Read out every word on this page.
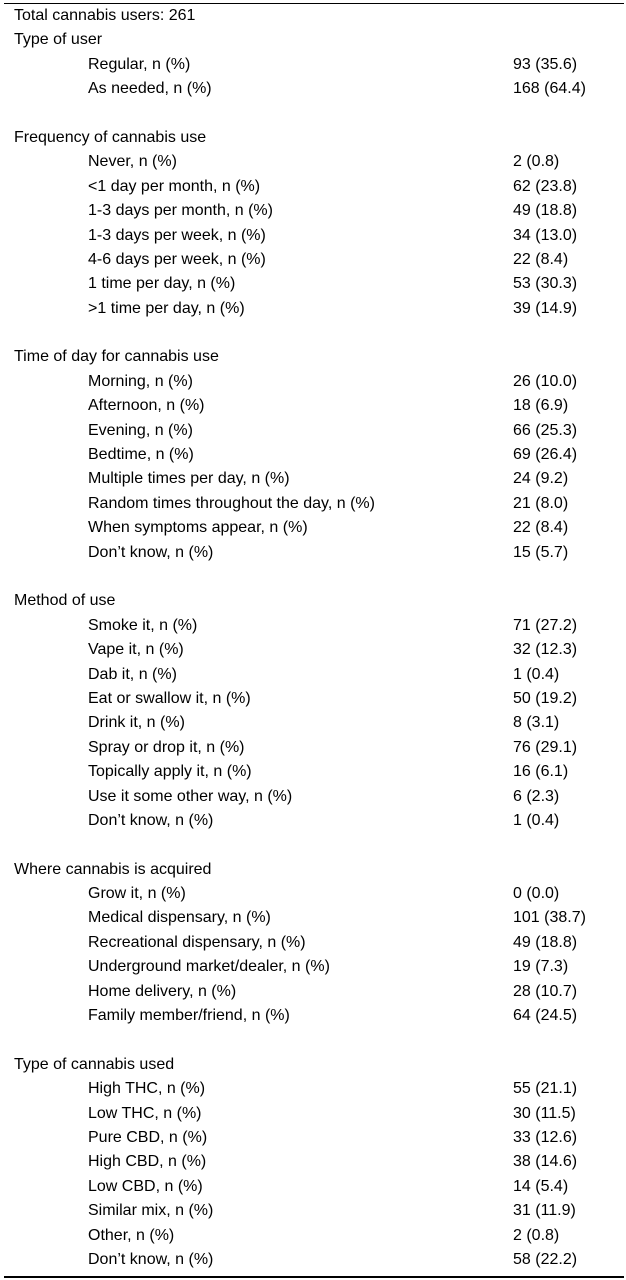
Total cannabis users: 261
Type of user
Regular, n (%)	93 (35.6)
As needed, n (%)	168 (64.4)
Frequency of cannabis use
Never, n (%)	2 (0.8)
<1 day per month, n (%)	62 (23.8)
1-3 days per month, n (%)	49 (18.8)
1-3 days per week, n (%)	34 (13.0)
4-6 days per week, n (%)	22 (8.4)
1 time per day, n (%)	53 (30.3)
>1 time per day, n (%)	39 (14.9)
Time of day for cannabis use
Morning, n (%)	26 (10.0)
Afternoon, n (%)	18 (6.9)
Evening, n (%)	66 (25.3)
Bedtime, n (%)	69 (26.4)
Multiple times per day, n (%)	24 (9.2)
Random times throughout the day, n (%)	21 (8.0)
When symptoms appear, n (%)	22 (8.4)
Don’t know, n (%)	15 (5.7)
Method of use
Smoke it, n (%)	71 (27.2)
Vape it, n (%)	32 (12.3)
Dab it, n (%)	1 (0.4)
Eat or swallow it, n (%)	50 (19.2)
Drink it, n (%)	8 (3.1)
Spray or drop it, n (%)	76 (29.1)
Topically apply it, n (%)	16 (6.1)
Use it some other way, n (%)	6 (2.3)
Don’t know, n (%)	1 (0.4)
Where cannabis is acquired
Grow it, n (%)	0 (0.0)
Medical dispensary, n (%)	101 (38.7)
Recreational dispensary, n (%)	49 (18.8)
Underground market/dealer, n (%)	19 (7.3)
Home delivery, n (%)	28 (10.7)
Family member/friend, n (%)	64 (24.5)
Type of cannabis used
High THC, n (%)	55 (21.1)
Low THC, n (%)	30 (11.5)
Pure CBD, n (%)	33 (12.6)
High CBD, n (%)	38 (14.6)
Low CBD, n (%)	14 (5.4)
Similar mix, n (%)	31 (11.9)
Other, n (%)	2 (0.8)
Don’t know, n (%)	58 (22.2)
